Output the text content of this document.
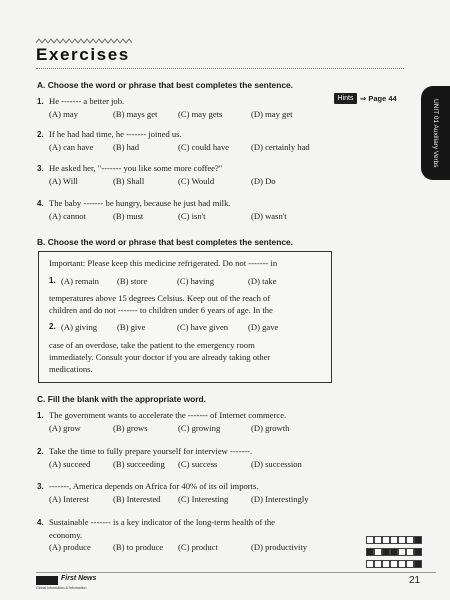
Exercises
Hints ⇒ Page 44
UNIT 01 Auxiliary Verbs
A. Choose the word or phrase that best completes the sentence.
1. He ------- a better job.
(A) may	(B) mays get (C) may gets	(D) may get
2. If he had had time, he ------- joined us.
(A) can have (B) had	(C) could have	(D) certainly had
3. He asked her, "------- you like some more coffee?"
(A) Will	(B) Shall	(C) Would	(D) Do
4. The baby ------- be hungry, because he just had milk.
(A) cannot	(B) must	(C) isn't	(D) wasn't
B. Choose the word or phrase that best completes the sentence.
Important: Please keep this medicine refrigerated. Do not ------- in
1. (A) remain (B) store	(C) having	(D) take
temperatures above 15 degrees Celsius. Keep out of the reach of
children and do not ------- to children under 6 years of age. In the
2. (A) giving (B) give	(C) have given (D) gave
case of an overdose, take the patient to the emergency room
immediately. Consult your doctor if you are already taking other
medications.
C. Fill the blank with the appropriate word.
1. The government wants to accelerate the ------- of Internet commerce.
(A) grow	(B) grows	(C) growing	(D) growth
2. Take the time to fully prepare yourself for interview -------.
(A) succeed	(B) succeeding (C) success	(D) succession
3. -------, America depends on Africa for 40% of its oil imports.
(A) Interest	(B) Interested (C) Interesting	(D) Interestingly
4. Sustainable ------- is a key indicator of the long-term health of the
economy.
(A) produce	(B) to produce (C) product	(D) productivity
First News
Global Information & Information
21
